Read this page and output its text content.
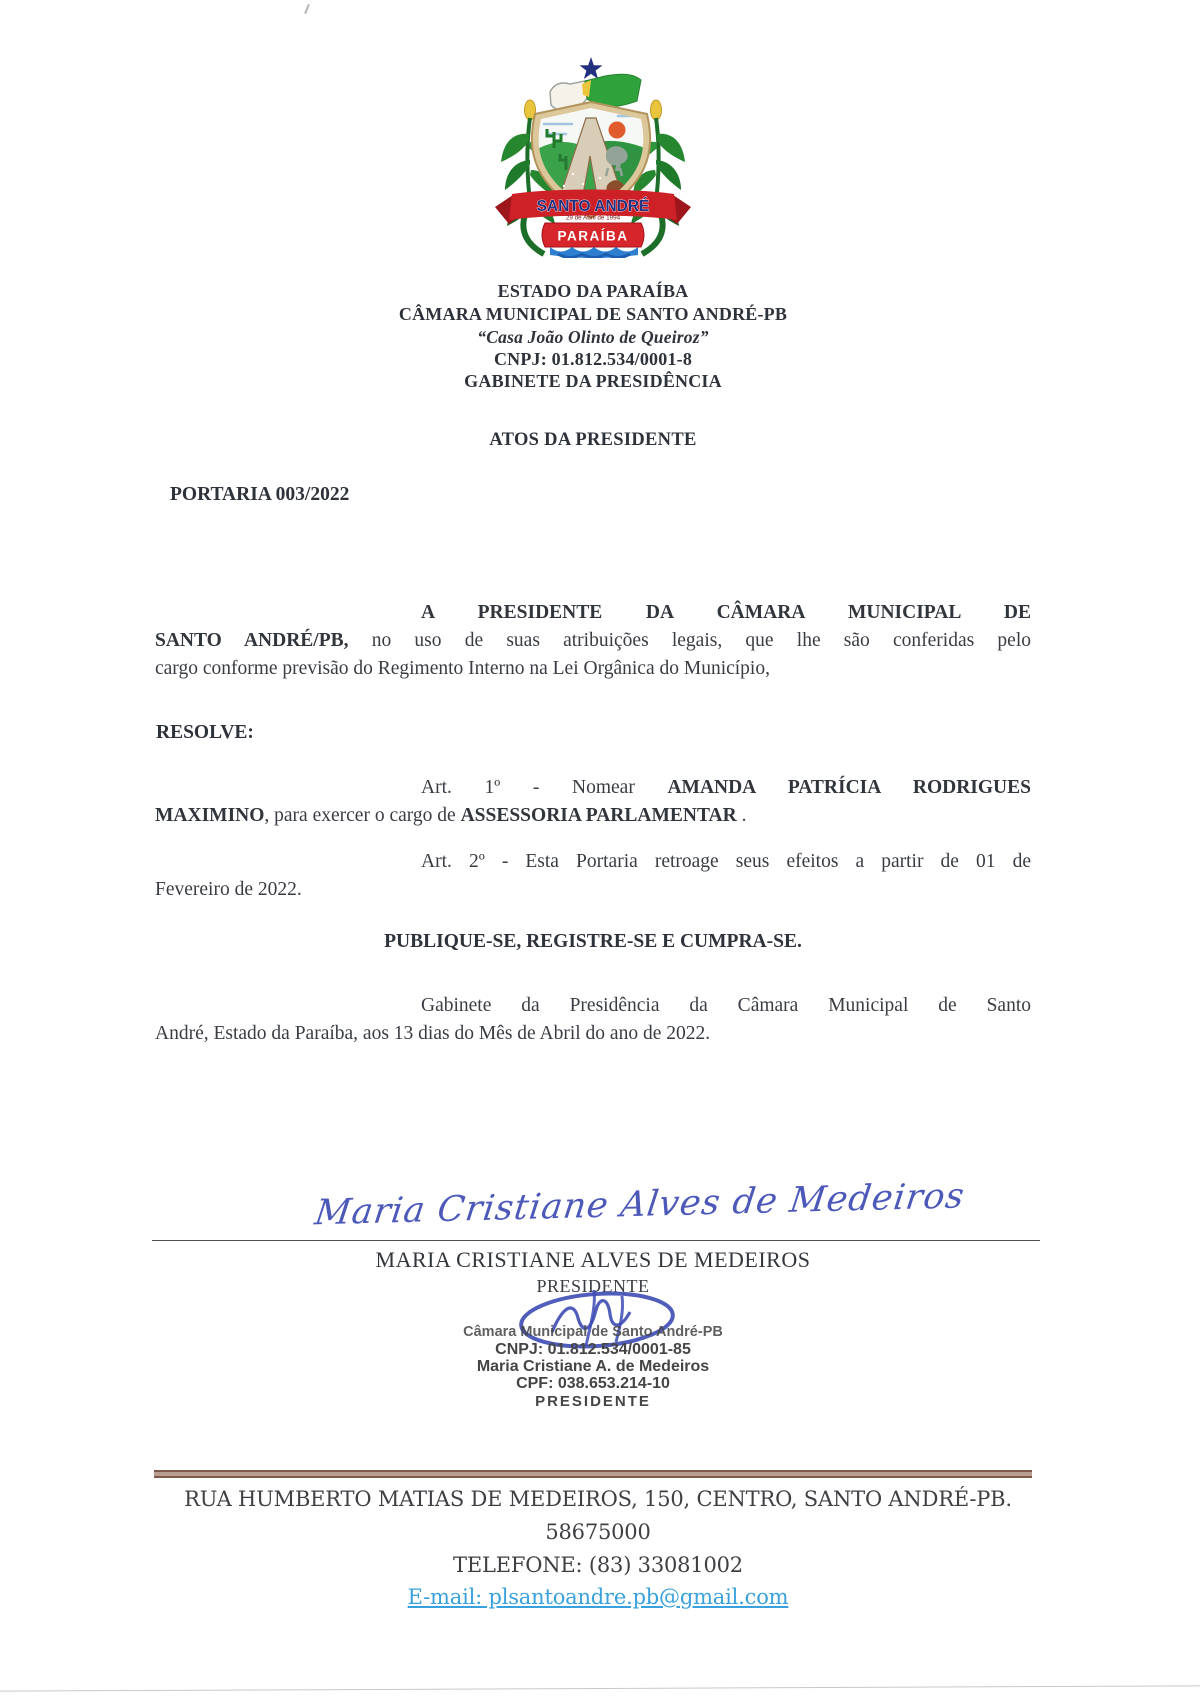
SANTO ANDRÉ
29 de Abril de 1994
PARAÍBA
ESTADO DA PARAÍBA
CÂMARA MUNICIPAL DE SANTO ANDRÉ-PB
“Casa João Olinto de Queiroz”
CNPJ: 01.812.534/0001-8
GABINETE DA PRESIDÊNCIA
ATOS DA PRESIDENTE
PORTARIA 003/2022
A PRESIDENTE DA CÂMARA MUNICIPAL DE
SANTO ANDRÉ/PB, no uso de suas atribuições legais, que lhe são conferidas pelo
cargo conforme previsão do Regimento Interno na Lei Orgânica do Município,
RESOLVE:
Art. 1º - Nomear AMANDA PATRÍCIA RODRIGUES
MAXIMINO, para exercer o cargo de ASSESSORIA PARLAMENTAR .
Art. 2º - Esta Portaria retroage seus efeitos a partir de 01 de
Fevereiro de 2022.
PUBLIQUE-SE, REGISTRE-SE E CUMPRA-SE.
Gabinete da Presidência da Câmara Municipal de Santo
André, Estado da Paraíba, aos 13 dias do Mês de Abril do ano de 2022.
Maria Cristiane Alves de Medeiros
MARIA CRISTIANE ALVES DE MEDEIROS
PRESIDENTE
Câmara Municipal de Santo André-PB
CNPJ: 01.812.534/0001-85
Maria Cristiane A. de Medeiros
CPF: 038.653.214-10
PRESIDENTE
RUA HUMBERTO MATIAS DE MEDEIROS, 150, CENTRO, SANTO ANDRÉ-PB.
58675000
TELEFONE: (83) 33081002
E-mail: plsantoandre.pb@gmail.com
